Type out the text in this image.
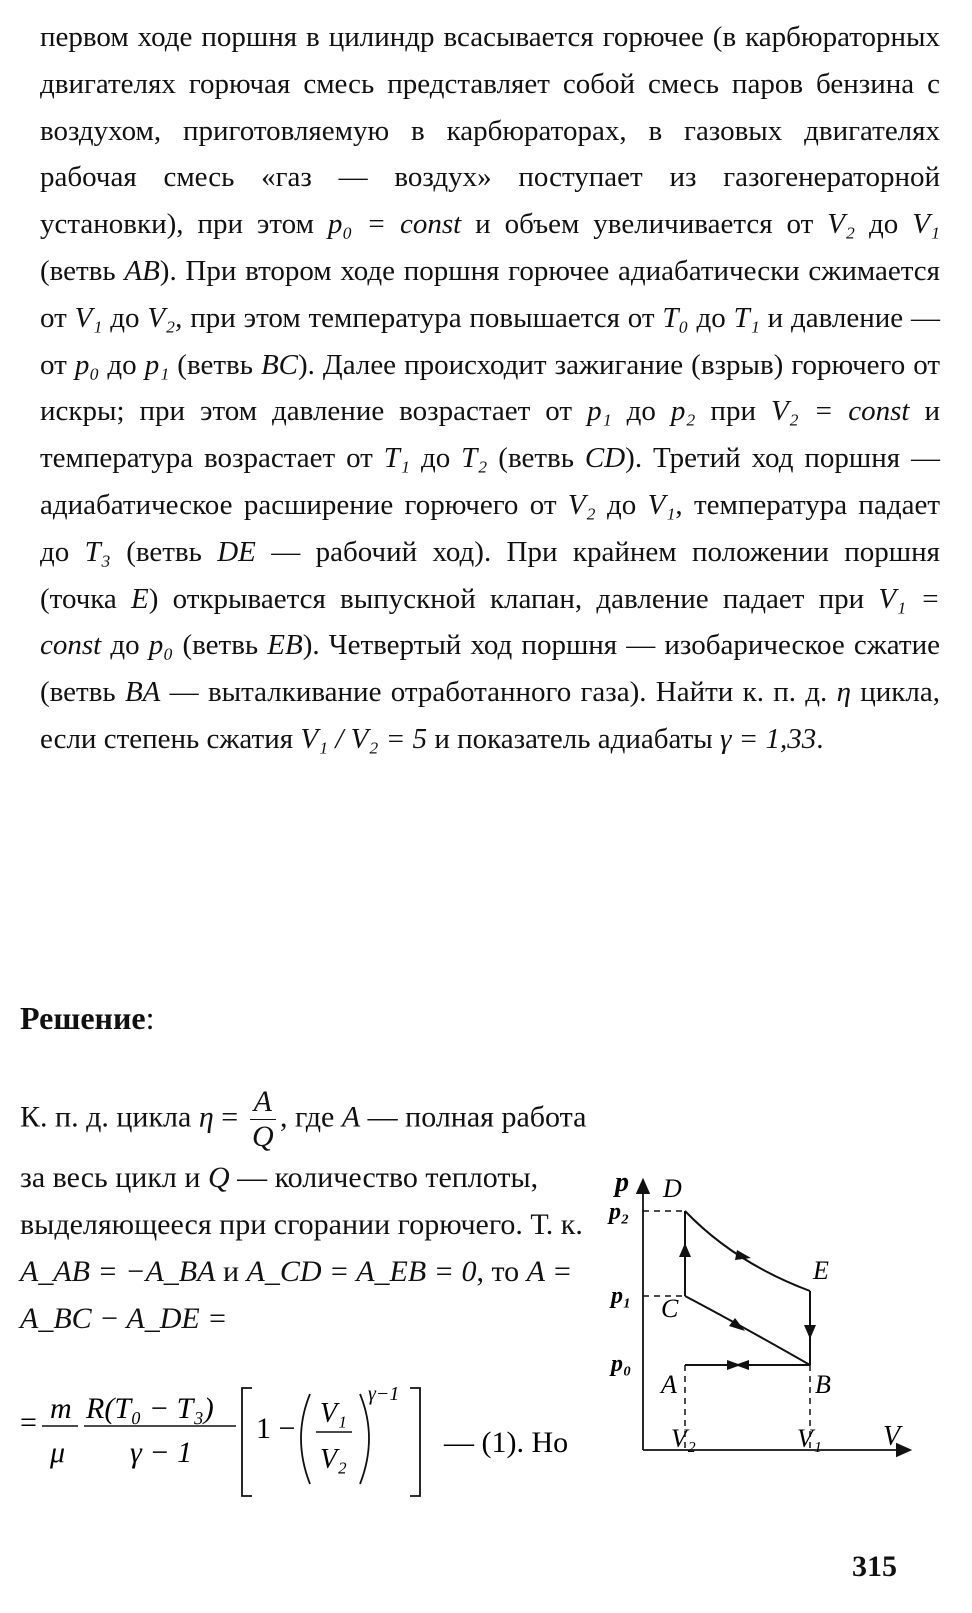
первом ходе поршня в цилиндр всасывается горючее (в карбюраторных двигателях горючая смесь представляет собой смесь паров бензина с воздухом, приготовляемую в карбюраторах, в газовых двигателях рабочая смесь «газ — воздух» поступает из газогенераторной установки), при этом p₀ = const и объем увеличивается от V₂ до V₁ (ветвь AB). При втором ходе поршня горючее адиабатически сжимается от V₁ до V₂, при этом температура повышается от T₀ до T₁ и давление — от p₀ до p₁ (ветвь BC). Далее происходит зажигание (взрыв) горючего от искры; при этом давление возрастает от p₁ до p₂ при V₂ = const и температура возрастает от T₁ до T₂ (ветвь CD). Третий ход поршня — адиабатическое расширение горючего от V₂ до V₁, температура падает до T₃ (ветвь DE — рабочий ход). При крайнем положении поршня (точка E) открывается выпускной клапан, давление падает при V₁ = const до p₀ (ветвь EB). Четвертый ход поршня — изобарическое сжатие (ветвь BA — выталкивание отработанного газа). Найти к. п. д. η цикла, если степень сжатия V₁ / V₂ = 5 и показатель адиабаты γ = 1,33.
Решение:
К. п. д. цикла $\eta = \frac{A}{Q}$ , где A — полная работа за весь цикл и Q — количество теплоты, выделяющееся при сгорании горючего. Т. к. A_AB = −A_BA и A_CD = A_EB = 0, то A = A_BC − A_DE =
= m
μ
R(T₀ − T₃)
γ − 1
1 − V₁
V₂
γ−1
— (1). Но
p
V
p₂
p₁
p₀
V₂	V₁
D
E
C
A	B
315
